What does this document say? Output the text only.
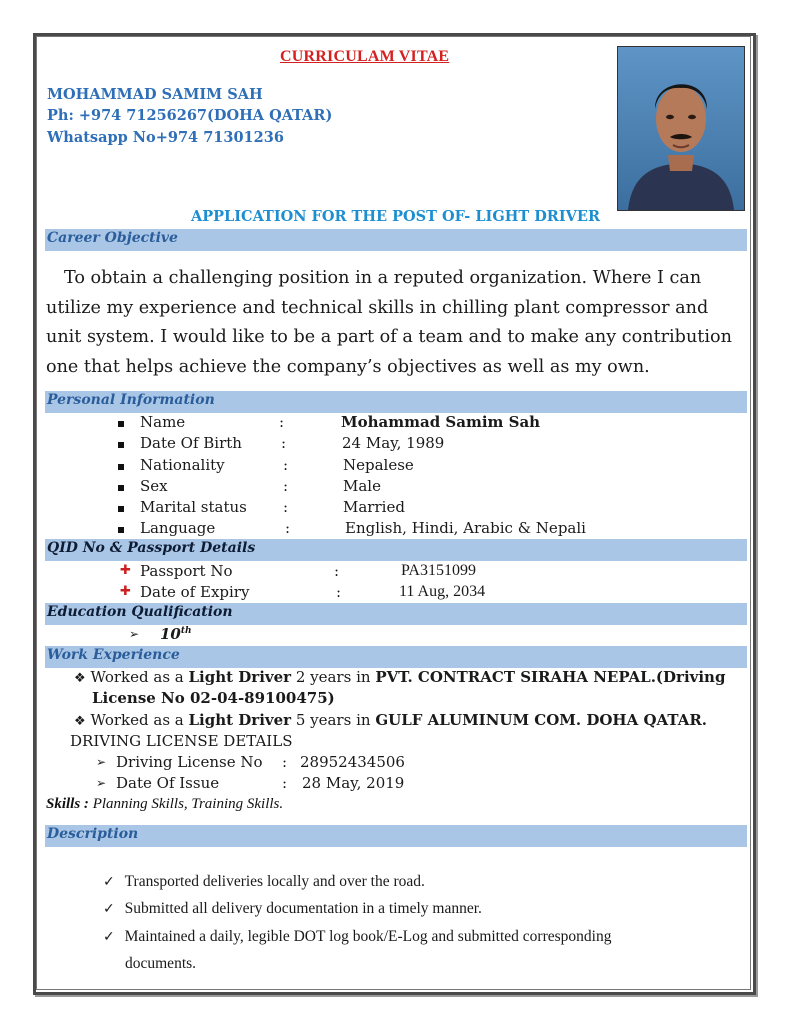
CURRICULAM VITAE
MOHAMMAD SAMIM SAH
Ph: +974 71256267(DOHA QATAR)
Whatsapp No+974 71301236
APPLICATION FOR THE POST OF- LIGHT DRIVER
Career Objective
To obtain a challenging position in a reputed organization. Where I can utilize my experience and technical skills in chilling plant compressor and unit system. I would like to be a part of a team and to make any contribution one that helps achieve the company’s objectives as well as my own.
Personal Information
Name	:	Mohammad Samim Sah
Date Of Birth	:	24 May, 1989
Nationality	:	Nepalese
Sex	:	Male
Marital status :	Married
Language	:	English, Hindi, Arabic & Nepali
QID No & Passport Details
✚ Passport No	:	PA3151099
✚ Date of Expiry	:	11 Aug, 2034
Education Qualification
➢ 10th
Work Experience
❖ Worked as a Light Driver 2 years in PVT. CONTRACT SIRAHA NEPAL.(Driving
License No 02-04-89100475)
❖ Worked as a Light Driver 5 years in GULF ALUMINUM COM. DOHA QATAR.
DRIVING LICENSE DETAILS
➢ Driving License No : 28952434506
➢ Date Of Issue	: 28 May, 2019
Skills : Planning Skills, Training Skills.
Description
✓ Transported deliveries locally and over the road.
✓ Submitted all delivery documentation in a timely manner.
✓ Maintained a daily, legible DOT log book/E-Log and submitted corresponding
documents.
